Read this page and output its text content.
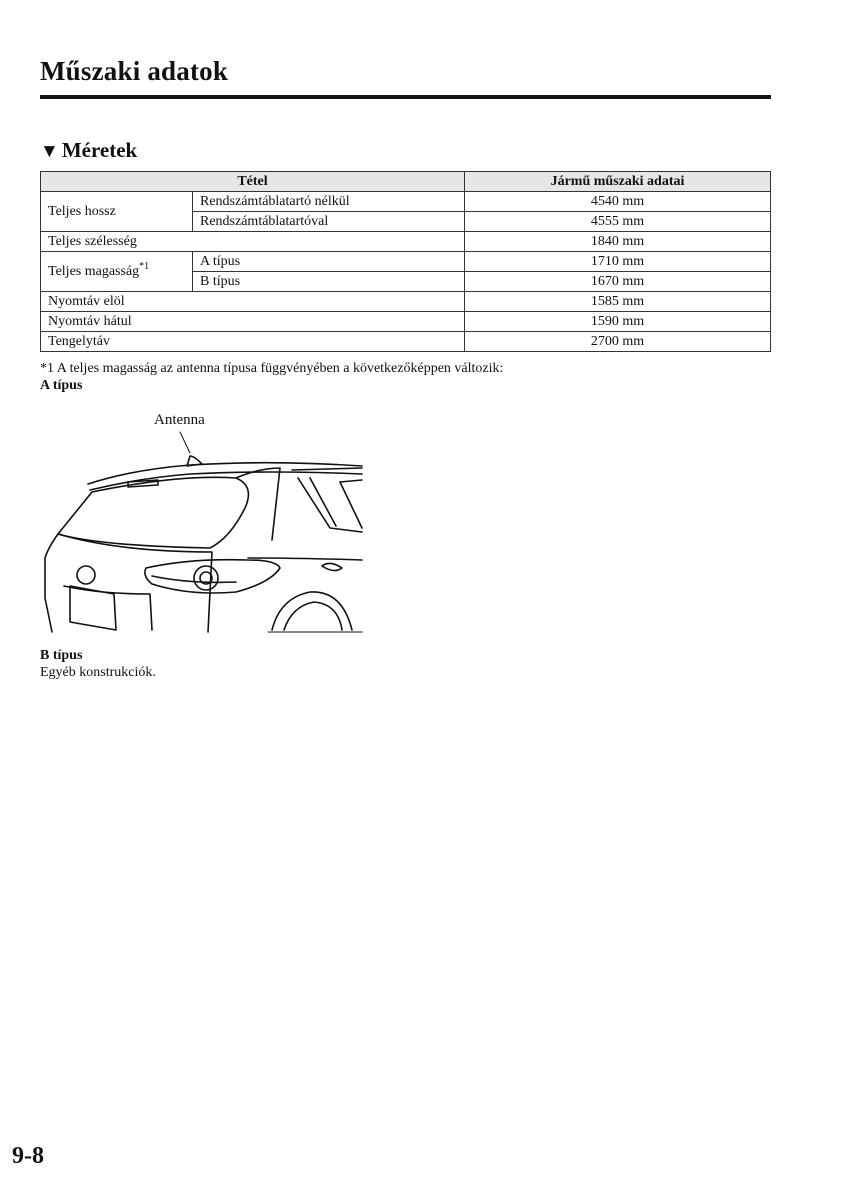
Műszaki adatok
▼ Méretek
Tétel		Jármű műszaki adatai
Teljes hossz	Rendszámtáblatartó nélkül	4540 mm
	Rendszámtáblatartóval	4555 mm
Teljes szélesség		1840 mm
Teljes magasság$^{*1}$	A típus	1710 mm
	B típus	1670 mm
Nyomtáv elöl		1585 mm
Nyomtáv hátul		1590 mm
Tengelytáv		2700 mm
*1 A teljes magasság az antenna típusa függvényében a következőképpen változik:
A típus
Antenna
B típus
Egyéb konstrukciók.
9-8
